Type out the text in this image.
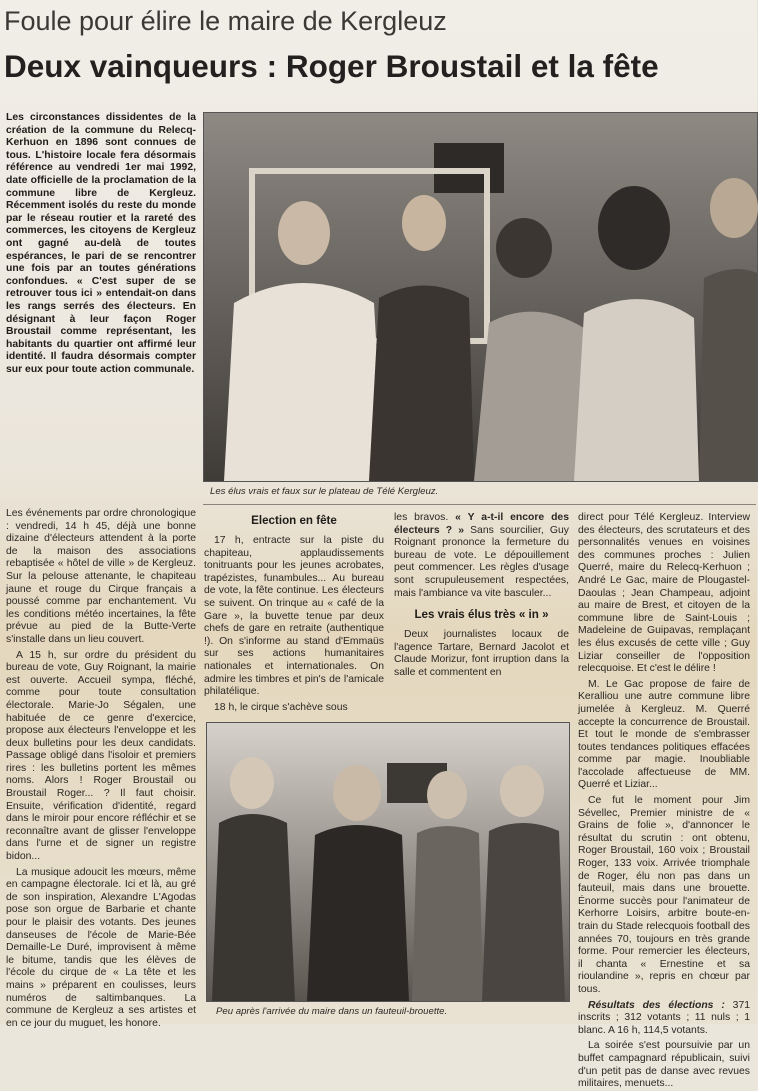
Foule pour élire le maire de Kergleuz
Deux vainqueurs : Roger Broustail et la fête

Les circonstances dissidentes de la création de la commune du Relecq-Kerhuon en 1896 sont connues de tous. L'histoire locale fera désormais référence au vendredi 1er mai 1992, date officielle de la proclamation de la commune libre de Kergleuz. Récemment isolés du reste du monde par le réseau routier et la rareté des commerces, les citoyens de Kergleuz ont gagné au-delà de toutes espérances, le pari de se rencontrer une fois par an toutes générations confondues. « C'est super de se retrouver tous ici » entendait-on dans les rangs serrés des électeurs. En désignant à leur façon Roger Broustail comme représentant, les habitants du quartier ont affirmé leur identité. Il faudra désormais compter sur eux pour toute action communale.

Les élus vrais et faux sur le plateau de Télé Kergleuz.

Les événements par ordre chronologique : vendredi, 14 h 45, déjà une bonne dizaine d'électeurs attendent à la porte de la maison des associations rebaptisée « hôtel de ville » de Kergleuz. Sur la pelouse attenante, le chapiteau jaune et rouge du Cirque français a poussé comme par enchantement. Vu les conditions météo incertaines, la fête prévue au pied de la Butte-Verte s'installe dans un lieu couvert.

A 15 h, sur ordre du président du bureau de vote, Guy Roignant, la mairie est ouverte. Accueil sympa, fléché, comme pour toute consultation électorale. Marie-Jo Ségalen, une habituée de ce genre d'exercice, propose aux électeurs l'enveloppe et les deux bulletins pour les deux candidats. Passage obligé dans l'isoloir et premiers rires : les bulletins portent les mêmes noms. Alors ! Roger Broustail ou Broustail Roger... ? Il faut choisir. Ensuite, vérification d'identité, regard dans le miroir pour encore réfléchir et se reconnaître avant de glisser l'enveloppe dans l'urne et de signer un registre bidon...

La musique adoucit les mœurs, même en campagne électorale. Ici et là, au gré de son inspiration, Alexandre L'Agodas pose son orgue de Barbarie et chante pour le plaisir des votants. Des jeunes danseuses de l'école de Marie-Bée Demaille-Le Duré, improvisent à même le bitume, tandis que les élèves de l'école du cirque de « La tête et les mains » préparent en coulisses, leurs numéros de saltimbanques. La commune de Kergleuz a ses artistes et en ce jour du muguet, les honore.

Election en fête

17 h, entracte sur la piste du chapiteau, applaudissements tonitruants pour les jeunes acrobates, trapézistes, funambules... Au bureau de vote, la fête continue. Les électeurs se suivent. On trinque au « café de la Gare », la buvette tenue par deux chefs de gare en retraite (authentique !). On s'informe au stand d'Emmaüs sur ses actions humanitaires nationales et internationales. On admire les timbres et pin's de l'amicale philatélique.

18 h, le cirque s'achève sous

les bravos. « Y a-t-il encore des électeurs ? » Sans sourcilier, Guy Roignant prononce la fermeture du bureau de vote. Le dépouillement peut commencer. Les règles d'usage sont scrupuleusement respectées, mais l'ambiance va vite basculer...

Les vrais élus très « in »

Deux journalistes locaux de l'agence Tartare, Bernard Jacolot et Claude Morizur, font irruption dans la salle et commentent en

direct pour Télé Kergleuz. Interview des électeurs, des scrutateurs et des personnalités venues en voisines des communes proches : Julien Querré, maire du Relecq-Kerhuon ; André Le Gac, maire de Plougastel-Daoulas ; Jean Champeau, adjoint au maire de Brest, et citoyen de la commune libre de Saint-Louis ; Madeleine de Guipavas, remplaçant les élus excusés de cette ville ; Guy Liziar conseiller de l'opposition relecquoise. Et c'est le délire !

M. Le Gac propose de faire de Keralliou une autre commune libre jumelée à Kergleuz. M. Querré accepte la concurrence de Broustail. Et tout le monde de s'embrasser toutes tendances politiques effacées comme par magie. Inoubliable l'accolade affectueuse de MM. Querré et Liziar...

Ce fut le moment pour Jim Sévellec, Premier ministre de « Grains de folie », d'annoncer le résultat du scrutin : ont obtenu, Roger Broustail, 160 voix ; Broustail Roger, 133 voix. Arrivée triomphale de Roger, élu non pas dans un fauteuil, mais dans une brouette. Énorme succès pour l'animateur de Kerhorre Loisirs, arbitre boute-en-train du Stade relecquois football des années 70, toujours en très grande forme. Pour remercier les électeurs, il chanta « Ernestine et sa rioulandine », repris en chœur par tous.

Résultats des élections : 371 inscrits ; 312 votants ; 11 nuls ; 1 blanc. A 16 h, 114,5 votants.

La soirée s'est poursuivie par un buffet campagnard républicain, suivi d'un petit pas de danse avec revues militaires, menuets...

Peu après l'arrivée du maire dans un fauteuil-brouette.
